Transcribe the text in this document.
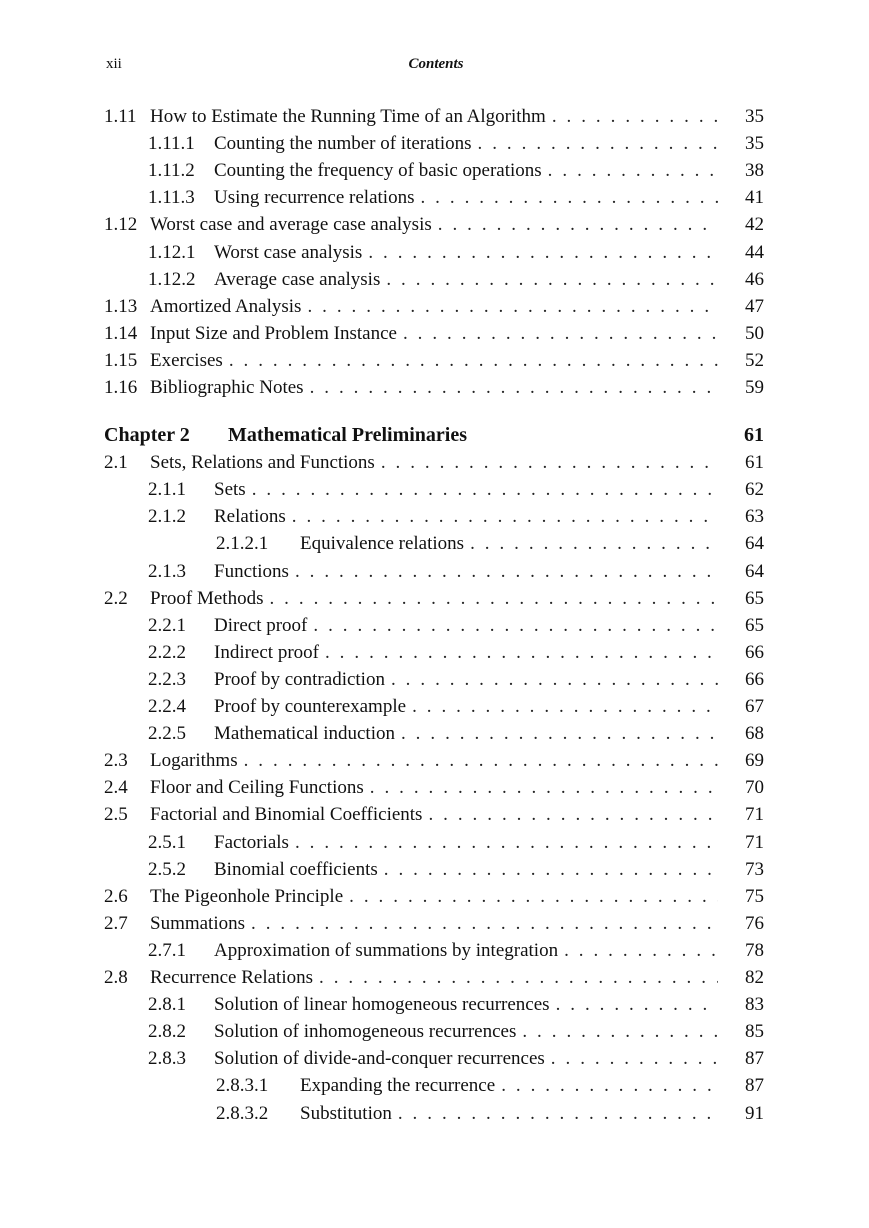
xii	Contents
1.11 How to Estimate the Running Time of an Algorithm . . .	35
1.11.1	Counting the number of iterations . . .	35
1.11.2	Counting the frequency of basic operations . . .	38
1.11.3	Using recurrence relations . . .	41
1.12 Worst case and average case analysis . . .	42
1.12.1 Worst case analysis . . .	44
1.12.2 Average case analysis . . .	46
1.13 Amortized Analysis . . .	47
1.14 Input Size and Problem Instance . . .	50
1.15 Exercises . . .	52
1.16 Bibliographic Notes . . .	59
Chapter 2	Mathematical Preliminaries	61
2.1	Sets, Relations and Functions . . .	61
2.1.1	Sets . . .	62
2.1.2	Relations . . .	63
2.1.2.1	Equivalence relations . . .	64
2.1.3	Functions . . .	64
2.2	Proof Methods . . .	65
2.2.1	Direct proof . . .	65
2.2.2	Indirect proof . . .	66
2.2.3	Proof by contradiction . . .	66
2.2.4	Proof by counterexample . . .	67
2.2.5	Mathematical induction . . .	68
2.3	Logarithms . . .	69
2.4	Floor and Ceiling Functions . . .	70
2.5	Factorial and Binomial Coefficients . . .	71
2.5.1	Factorials . . .	71
2.5.2	Binomial coefficients . . .	73
2.6	The Pigeonhole Principle . . .	75
2.7	Summations . . .	76
2.7.1	Approximation of summations by integration . . .	78
2.8	Recurrence Relations . . .	82
2.8.1	Solution of linear homogeneous recurrences . . .	83
2.8.2	Solution of inhomogeneous recurrences . . .	85
2.8.3	Solution of divide-and-conquer recurrences . . .	87
2.8.3.1	Expanding the recurrence . . .	87
2.8.3.2	Substitution . . .	91
